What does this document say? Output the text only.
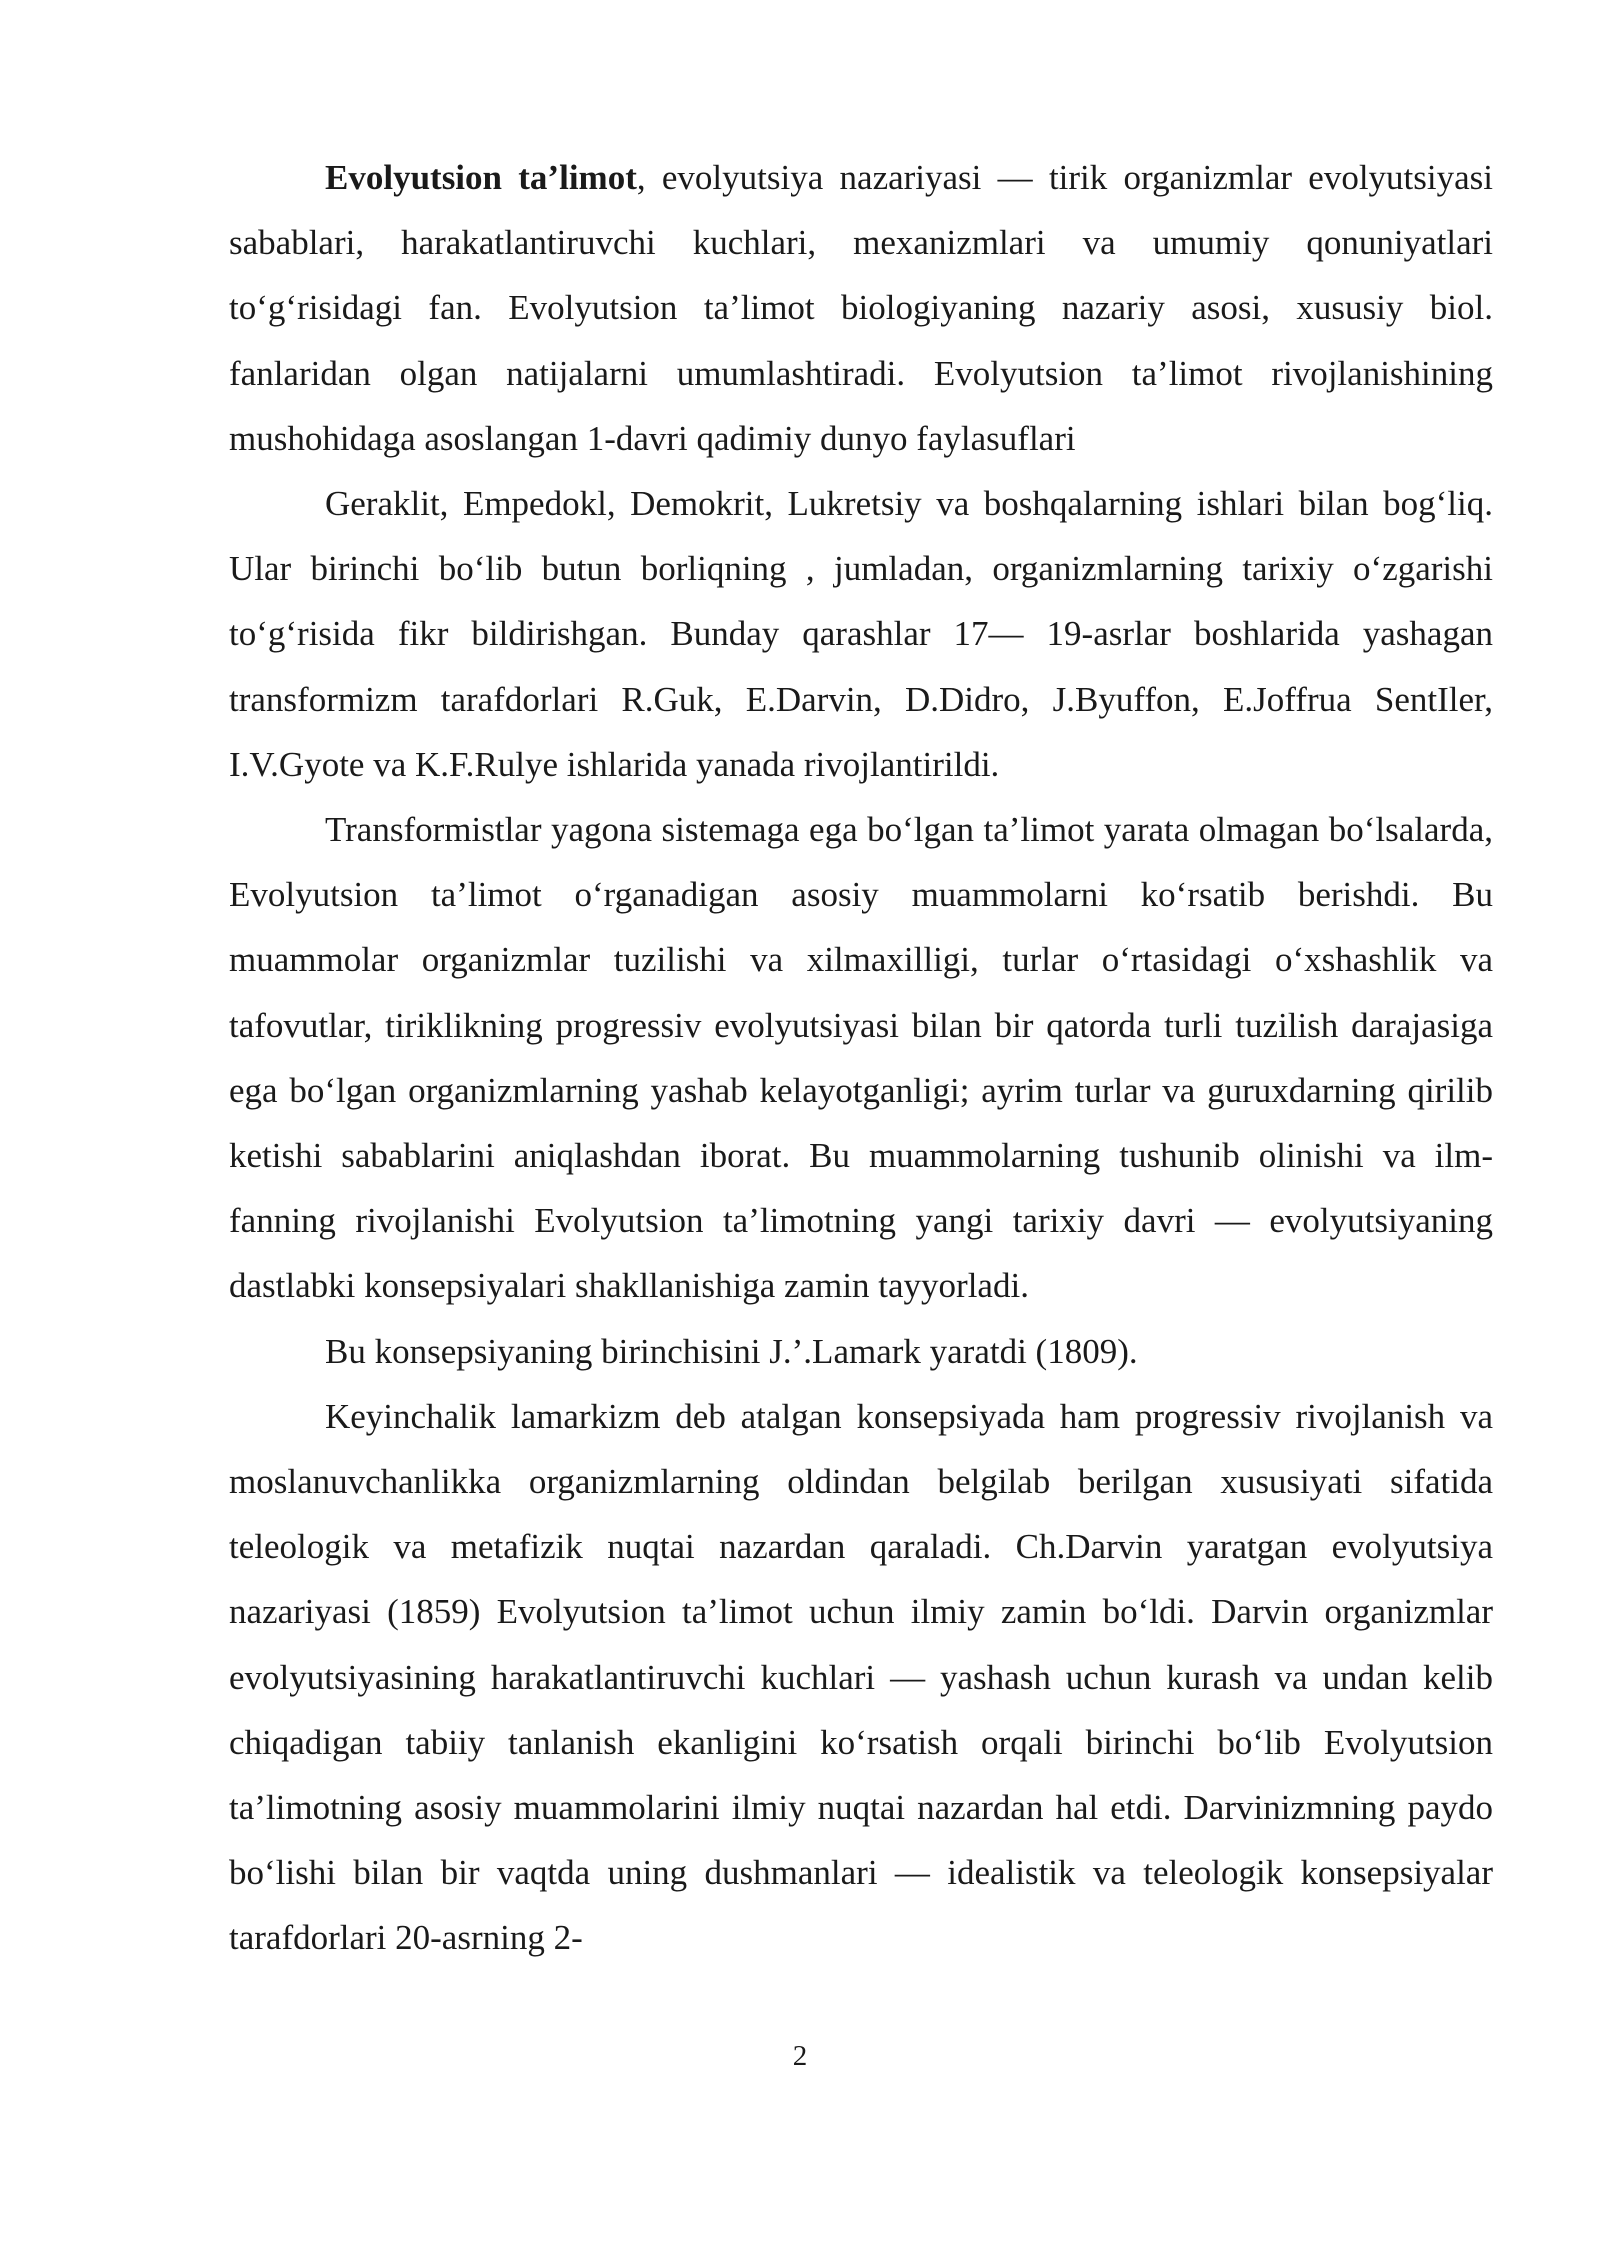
Evolyutsion ta’limot, evolyutsiya nazariyasi — tirik organizmlar evolyutsiyasi sabablari, harakatlantiruvchi kuchlari, mexanizmlari va umumiy qonuniyatlari to‘g‘risidagi fan. Evolyutsion ta’limot biologiyaning nazariy asosi, xususiy biol. fanlaridan olgan natijalarni umumlashtiradi. Evolyutsion ta’limot rivojlanishining mushohidaga asoslangan 1-davri qadimiy dunyo faylasuflari

Geraklit, Empedokl, Demokrit, Lukretsiy va boshqalarning ishlari bilan bog‘liq. Ular birinchi bo‘lib butun borliqning , jumladan, organizmlarning tarixiy o‘zgarishi to‘g‘risida fikr bildirishgan. Bunday qarashlar 17— 19-asrlar boshlarida yashagan transformizm tarafdorlari R.Guk, E.Darvin, D.Didro, J.Byuffon, E.Joffrua SentIler, I.V.Gyote va K.F.Rulye ishlarida yanada rivojlantirildi.

Transformistlar yagona sistemaga ega bo‘lgan ta’limot yarata olmagan bo‘lsalarda, Evolyutsion ta’limot o‘rganadigan asosiy muammolarni ko‘rsatib berishdi. Bu muammolar organizmlar tuzilishi va xilmaxilligi, turlar o‘rtasidagi o‘xshashlik va tafovutlar, tiriklikning progressiv evolyutsiyasi bilan bir qatorda turli tuzilish darajasiga ega bo‘lgan organizmlarning yashab kelayotganligi; ayrim turlar va guruxdarning qirilib ketishi sabablarini aniqlashdan iborat. Bu muammolarning tushunib olinishi va ilm-fanning rivojlanishi Evolyutsion ta’limotning yangi tarixiy davri — evolyutsiyaning dastlabki konsepsiyalari shakllanishiga zamin tayyorladi.

Bu konsepsiyaning birinchisini J.’.Lamark yaratdi (1809).

Keyinchalik lamarkizm deb atalgan konsepsiyada ham progressiv rivojlanish va moslanuvchanlikka organizmlarning oldindan belgilab berilgan xususiyati sifatida teleologik va metafizik nuqtai nazardan qaraladi. Ch.Darvin yaratgan evolyutsiya nazariyasi (1859) Evolyutsion ta’limot uchun ilmiy zamin bo‘ldi. Darvin organizmlar evolyutsiyasining harakatlantiruvchi kuchlari — yashash uchun kurash va undan kelib chiqadigan tabiiy tanlanish ekanligini ko‘rsatish orqali birinchi bo‘lib Evolyutsion ta’limotning asosiy muammolarini ilmiy nuqtai nazardan hal etdi. Darvinizmning paydo bo‘lishi bilan bir vaqtda uning dushmanlari — idealistik va teleologik konsepsiyalar tarafdorlari 20-asrning 2-

2
